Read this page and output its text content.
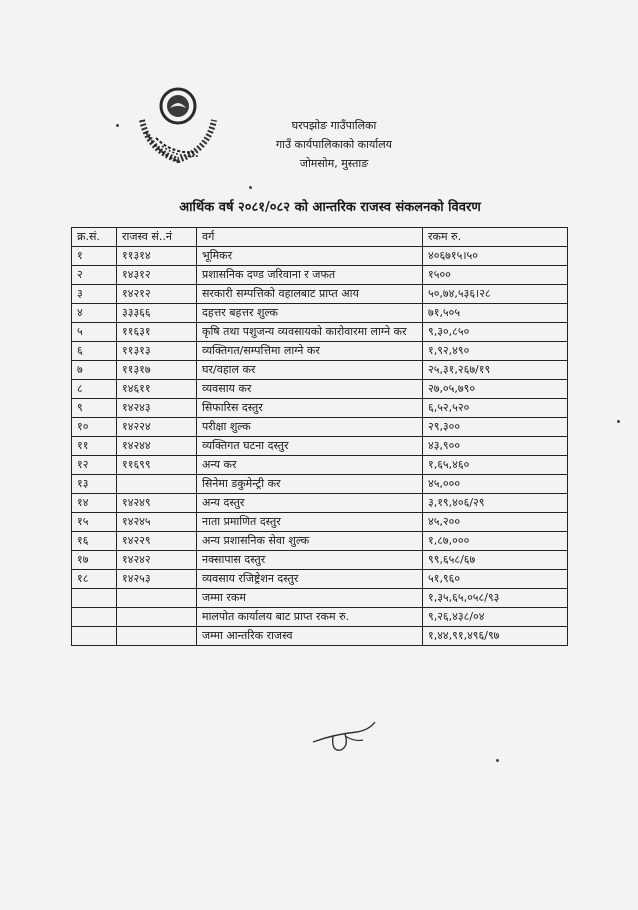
घरपझोङ गाउँपालिका
गाउँ कार्यपालिकाको कार्यालय
जोमसोम, मुस्ताङ
आर्थिक वर्ष २०८१/०८२ को आन्तरिक राजस्व संकलनको विवरण
क्र.सं.	राजस्व सं..नं	वर्ग	रकम रु.
१	११३१४	भूमिकर	४०६७१५।५०
२	१४३१२	प्रशासनिक दण्ड जरिवाना र जफत	१५००
३	१४२१२	सरकारी सम्पत्तिको वहालबाट प्राप्त आय	५०,७४,५३६।२८
४	३३३६६	दहत्तर बहत्तर शुल्क	७१,५०५
५	११६३१	कृषि तथा पशुजन्य व्यवसायको कारोवारमा लाग्ने कर	९,३०,८५०
६	११३१३	व्यक्तिगत/सम्पत्तिमा लाग्ने कर	१,९२,४९०
७	११३१७	घर/वहाल कर	२५,३१,२६७/१९
८	१४६११	व्यवसाय कर	२७,०५,७९०
९	१४२४३	सिफारिस दस्तुर	६,५२,५२०
१०	१४२२४	परीक्षा शुल्क	२९,३००
११	१४२४४	व्यक्तिगत घटना दस्तुर	४३,९००
१२	११६९९	अन्य कर	१,६५,४६०
१३		सिनेमा डकुमेन्ट्री कर	४५,०००
१४	१४२४९	अन्य दस्तुर	३,१९,४०६/२९
१५	१४२४५	नाता प्रमाणित दस्तुर	४५,२००
१६	१४२२९	अन्य प्रशासनिक सेवा शुल्क	१,८७,०००
१७	१४२४२	नक्सापास दस्तुर	९९,६५८/६७
१८	१४२५३	व्यवसाय रजिष्ट्रेशन दस्तुर	५१,९६०
		जम्मा रकम	१,३५,६५,०५८/९३
		मालपोत कार्यालय बाट प्राप्त रकम रु.	९,२६,४३८/०४
		जम्मा आन्तरिक राजस्व	१,४४,९१,४९६/९७
